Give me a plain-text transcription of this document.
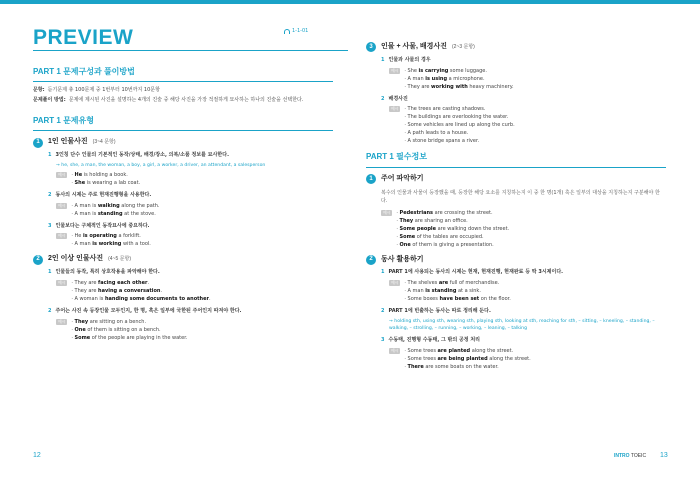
PREVIEW	1-1-01
PART 1 문제구성과 풀이방법
문항: 듣기문제 총 100문제 중 1번부터 10번까지 10문항
문제풀이 방법: 문제에 제시된 사진을 설명하는 4개의 진술 중 해당 사진을 가장 적절하게 묘사하는 하나의 진술을 선택한다.
PART 1 문제유형
1	1인 인물사진 (3~4 문항)
1 3인칭 단수 인물의 기본적인 동작/상태, 배경/장소, 의복/소품 정보를 묘사한다.
→ he, she, a man, the woman, a boy, a girl, a worker, a driver, an attendant, a salesperson
예시	· He is holding a book.
· She is wearing a lab coat.
2 동사의 시제는 주로 현재진행형을 사용한다.
예시	· A man is walking along the path.
· A man is standing at the stove.
3 인물보다는 구체적인 동작묘사에 중요하다.
예시	· He is operating a forklift.
· A man is working with a tool.
2	2인 이상 인물사진 (4~5 문항)
1 인물들의 동작, 특히 상호작용을 파악해야 한다.
예시	· They are facing each other.
· They are having a conversation.
· A woman is handing some documents to another.
2 주어는 사진 속 등장인물 모두인지, 한 명, 혹은 일부에 국한된 주어인지 따져야 한다.
예시	· They are sitting on a bench.
· One of them is sitting on a bench.
· Some of the people are playing in the water.
3	인물 + 사물, 배경사진 (2~3 문항)
1 인물과 사물의 경우
예시	· She is carrying some luggage.
· A man is using a microphone.
· They are working with heavy machinery.
2 배경사진
예시	· The trees are casting shadows.
· The buildings are overlooking the water.
· Some vehicles are lined up along the curb.
· A path leads to a house.
· A stone bridge spans a river.
PART 1 필수정보
1	주어 파악하기
복수의 인물과 사물이 등장했을 때, 등장한 해당 요소를 지칭하는지 이 중 한 명(1개) 혹은 일부의 대상을 지칭하는지 구분해야 한다.
예시	· Pedestrians are crossing the street.
· They are sharing an office.
· Some people are walking down the street.
· Some of the tables are occupied.
· One of them is giving a presentation.
2	동사 활용하기
1 PART 1에 사용되는 동사의 시제는 현재, 현재진행, 현재완료 등 딱 3시제이다.
예시	· The shelves are full of merchandise.
· A man is standing at a sink.
· Some boxes have been set on the floor.
2 PART 1에 빈출하는 동사는 따로 정리해 둔다.
→ holding sth, using sth, wearing sth, playing sth, looking at sth, reaching for sth, – sitting, – kneeling, – standing, – walking, – strolling, – running, – working, – leaning, – talking
3 수동태, 진행형 수동태, 그 밖의 공정 처리
예시	· Some trees are planted along the street.
· Some trees are being planted along the street.
· There are some boats on the water.
12	INTRO TOEIC 13
